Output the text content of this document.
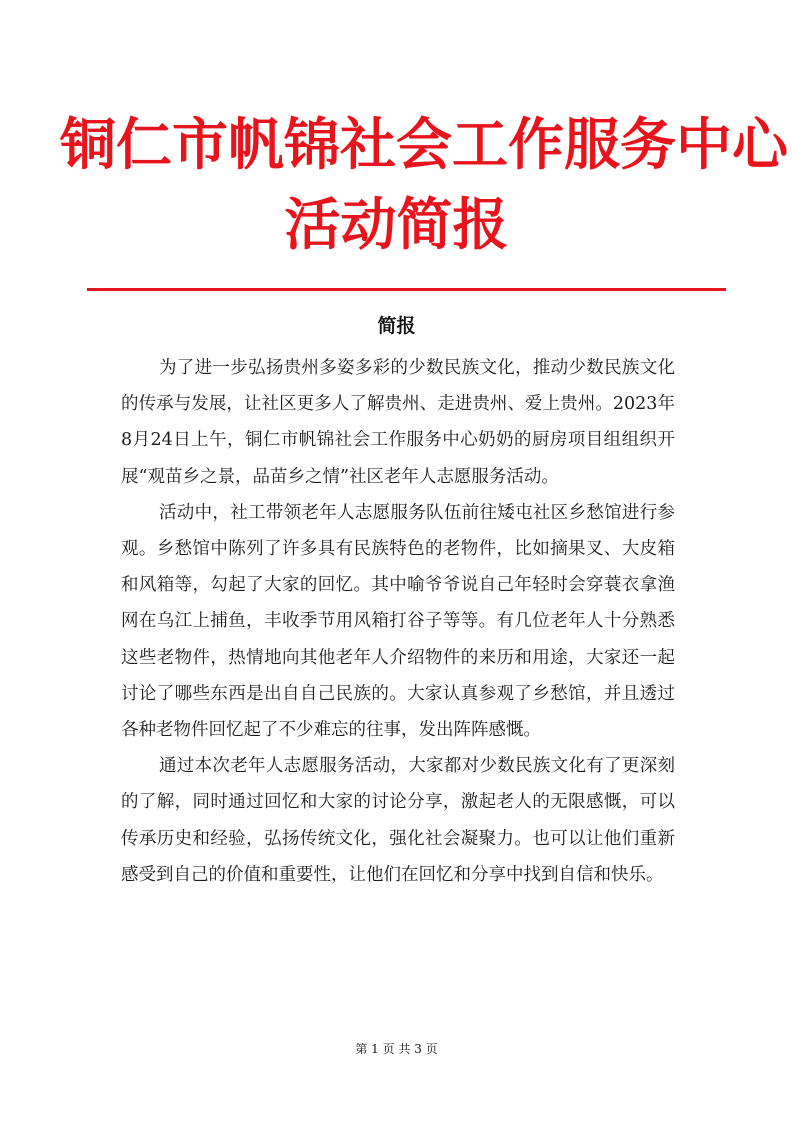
铜仁市帆锦社会工作服务中心
活动简报
简报

为了进一步弘扬贵州多姿多彩的少数民族文化，推动少数民族文化的传承与发展，让社区更多人了解贵州、走进贵州、爱上贵州。2023年8月24日上午，铜仁市帆锦社会工作服务中心奶奶的厨房项目组组织开展“观苗乡之景，品苗乡之情”社区老年人志愿服务活动。

活动中，社工带领老年人志愿服务队伍前往矮屯社区乡愁馆进行参观。乡愁馆中陈列了许多具有民族特色的老物件，比如摘果叉、大皮箱和风箱等，勾起了大家的回忆。其中喻爷爷说自己年轻时会穿蓑衣拿渔网在乌江上捕鱼，丰收季节用风箱打谷子等等。有几位老年人十分熟悉这些老物件，热情地向其他老年人介绍物件的来历和用途，大家还一起讨论了哪些东西是出自自己民族的。大家认真参观了乡愁馆，并且透过各种老物件回忆起了不少难忘的往事，发出阵阵感慨。

通过本次老年人志愿服务活动，大家都对少数民族文化有了更深刻的了解，同时通过回忆和大家的讨论分享，激起老人的无限感慨，可以传承历史和经验，弘扬传统文化，强化社会凝聚力。也可以让他们重新感受到自己的价值和重要性，让他们在回忆和分享中找到自信和快乐。

第 1 页 共 3 页
